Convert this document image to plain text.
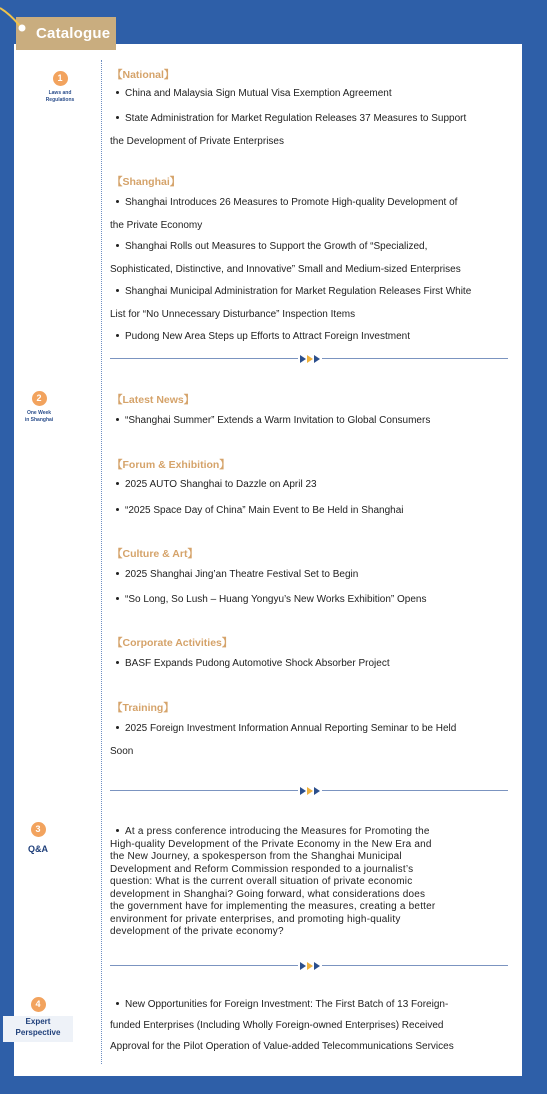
Catalogue
1
Laws and
Regulations
2
One Week
in Shanghai
3
Q&A
4
Expert
Perspective
【National】
China and Malaysia Sign Mutual Visa Exemption Agreement
State Administration for Market Regulation Releases 37 Measures to Support
the Development of Private Enterprises
【Shanghai】
Shanghai Introduces 26 Measures to Promote High-quality Development of
the Private Economy
Shanghai Rolls out Measures to Support the Growth of “Specialized,
Sophisticated, Distinctive, and Innovative” Small and Medium-sized Enterprises
Shanghai Municipal Administration for Market Regulation Releases First White
List for “No Unnecessary Disturbance” Inspection Items
Pudong New Area Steps up Efforts to Attract Foreign Investment
【Latest News】
“Shanghai Summer” Extends a Warm Invitation to Global Consumers
【Forum & Exhibition】
2025 AUTO Shanghai to Dazzle on April 23
“2025 Space Day of China” Main Event to Be Held in Shanghai
【Culture & Art】
2025 Shanghai Jing’an Theatre Festival Set to Begin
“So Long, So Lush – Huang Yongyu’s New Works Exhibition” Opens
【Corporate Activities】
BASF Expands Pudong Automotive Shock Absorber Project
【Training】
2025 Foreign Investment Information Annual Reporting Seminar to be Held
Soon
At a press conference introducing the Measures for Promoting the
High-quality Development of the Private Economy in the New Era and
the New Journey, a spokesperson from the Shanghai Municipal
Development and Reform Commission responded to a journalist’s
question: What is the current overall situation of private economic
development in Shanghai? Going forward, what considerations does
the government have for implementing the measures, creating a better
environment for private enterprises, and promoting high-quality
development of the private economy?
New Opportunities for Foreign Investment: The First Batch of 13 Foreign-
funded Enterprises (Including Wholly Foreign-owned Enterprises) Received
Approval for the Pilot Operation of Value-added Telecommunications Services
